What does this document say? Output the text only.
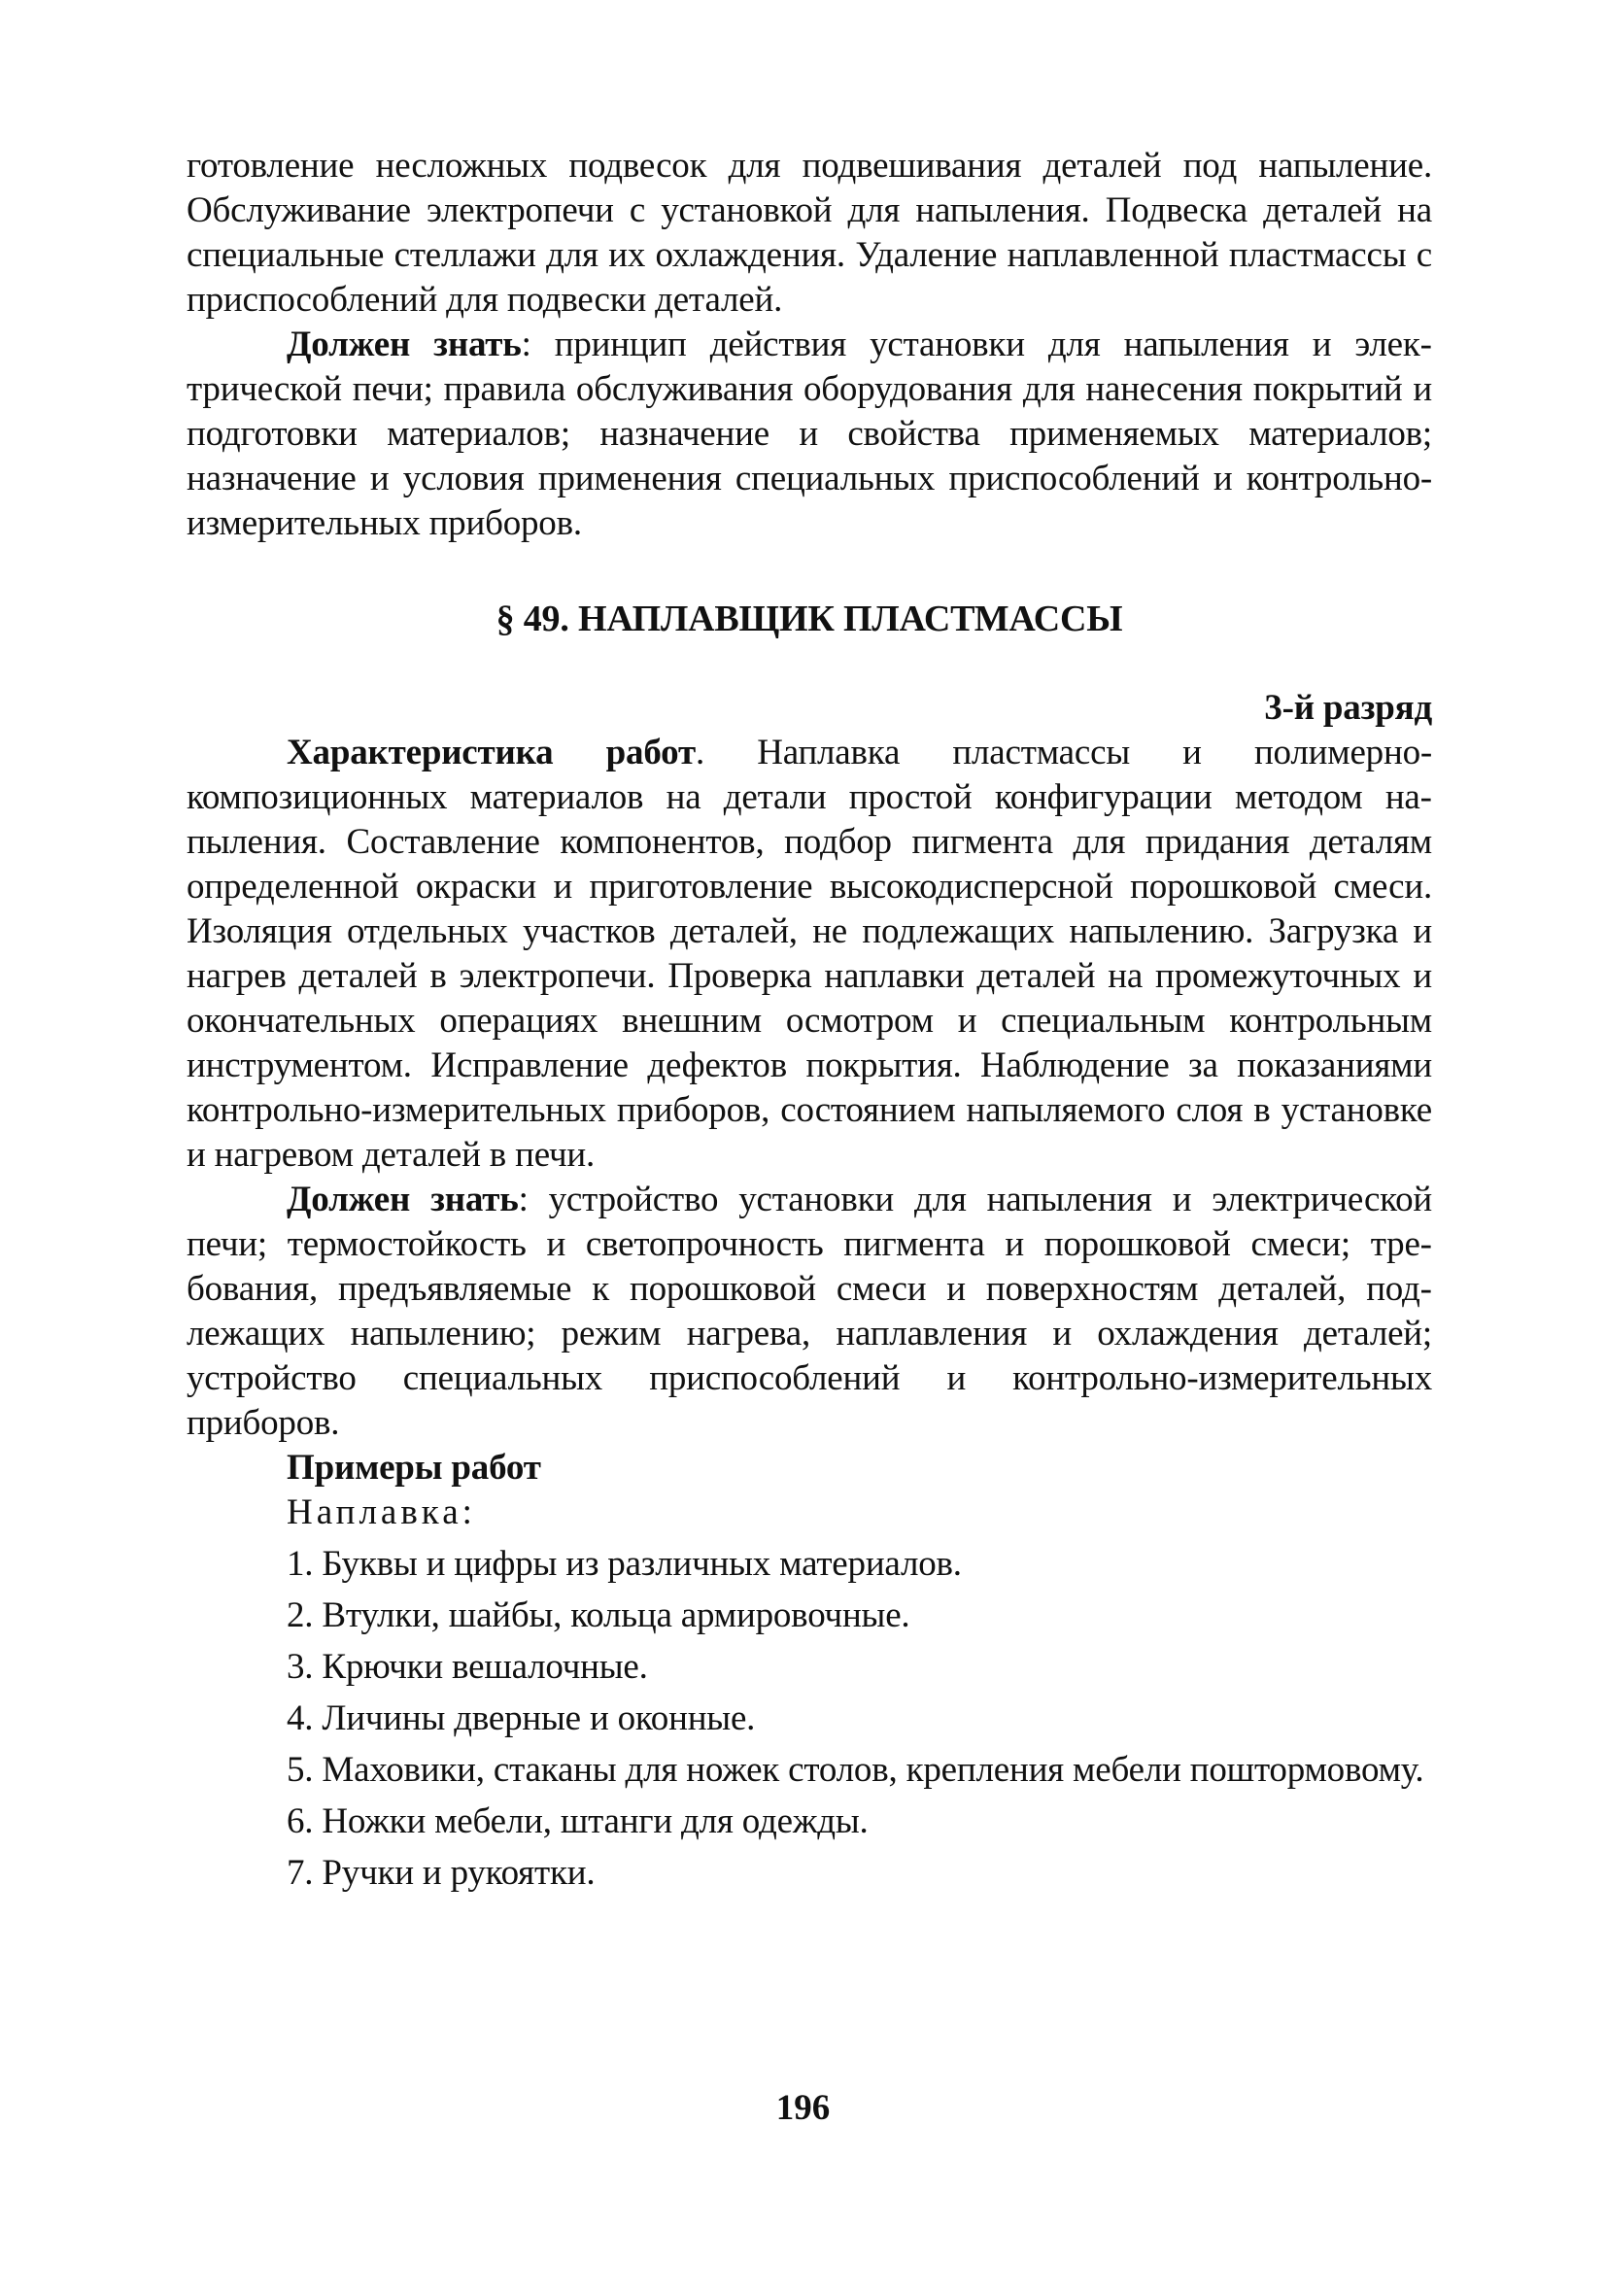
готовление несложных подвесок для подвешивания деталей под напыление. Обслуживание электропечи с установкой для напыления. Подвеска деталей на специальные стеллажи для их охлаждения. Удаление наплавленной пластмассы с приспособлений для подвески деталей.

Должен знать: принцип действия установки для напыления и электрической печи; правила обслуживания оборудования для нанесения покрытий и подготовки материалов; назначение и свойства применяемых материалов; назначение и условия применения специальных приспособлений и контрольно-измерительных приборов.

§ 49. НАПЛАВЩИК ПЛАСТМАССЫ

3-й разряд

Характеристика работ. Наплавка пластмассы и полимерно-композиционных материалов на детали простой конфигурации методом напыления. Составление компонентов, подбор пигмента для придания деталям определенной окраски и приготовление высокодисперсной порошковой смеси. Изоляция отдельных участков деталей, не подлежащих напылению. Загрузка и нагрев деталей в электропечи. Проверка наплавки деталей на промежуточных и окончательных операциях внешним осмотром и специальным контрольным инструментом. Исправление дефектов покрытия. Наблюдение за показаниями контрольно-измерительных приборов, состоянием напыляемого слоя в установке и нагревом деталей в печи.

Должен знать: устройство установки для напыления и электрической печи; термостойкость и светопрочность пигмента и порошковой смеси; требования, предъявляемые к порошковой смеси и поверхностям деталей, подлежащих напылению; режим нагрева, наплавления и охлаждения деталей; устройство специальных приспособлений и контрольно-измерительных приборов.

Примеры работ

Наплавка:

1. Буквы и цифры из различных материалов.

2. Втулки, шайбы, кольца армировочные.

3. Крючки вешалочные.

4. Личины дверные и оконные.

5. Маховики, стаканы для ножек столов, крепления мебели поштормовому.

6. Ножки мебели, штанги для одежды.

7. Ручки и рукоятки.

196
